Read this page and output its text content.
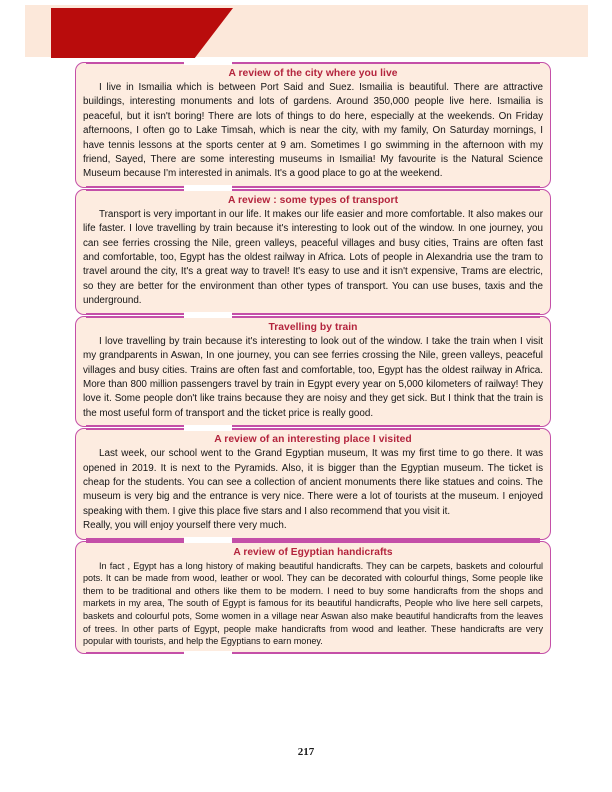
A review of the city where you live

I live in Ismailia which is between Port Said and Suez. Ismailia is beautiful. There are attractive buildings, interesting monuments and lots of gardens. Around 350,000 people live here. Ismailia is peaceful, but it isn't boring! There are lots of things to do here, especially at the weekends. On Friday afternoons, I often go to Lake Timsah, which is near the city, with my family, On Saturday mornings, I have tennis lessons at the sports center at 9 am. Sometimes I go swimming in the afternoon with my friend, Sayed, There are some interesting museums in Ismailia! My favourite is the Natural Science Museum because I'm interested in animals. It's a good place to go at the weekend.

A review : some types of transport

Transport is very important in our life. It makes our life easier and more comfortable. It also makes our life faster. I love travelling by train because it's interesting to look out of the window. In one journey, you can see ferries crossing the Nile, green valleys, peaceful villages and busy cities, Trains are often fast and comfortable, too, Egypt has the oldest railway in Africa. Lots of people in Alexandria use the tram to travel around the city, It's a great way to travel! It's easy to use and it isn't expensive, Trams are electric, so they are better for the environment than other types of transport. You can use buses, taxis and the underground.

Travelling by train

I love travelling by train because it's interesting to look out of the window. I take the train when I visit my grandparents in Aswan, In one journey, you can see ferries crossing the Nile, green valleys, peaceful villages and busy cities. Trains are often fast and comfortable, too, Egypt has the oldest railway in Africa. More than 800 million passengers travel by train in Egypt every year on 5,000 kilometers of railway! They love it. Some people don't like trains because they are noisy and they get sick. But I think that the train is the most useful form of transport and the ticket price is really good.

A review of an interesting place I visited

Last week, our school went to the Grand Egyptian museum, It was my first time to go there. It was opened in 2019. It is next to the Pyramids. Also, it is bigger than the Egyptian museum. The ticket is cheap for the students. You can see a collection of ancient monuments there like statues and coins. The museum is very big and the entrance is very nice. There were a lot of tourists at the museum. I enjoyed speaking with them. I give this place five stars and I also recommend that you visit it.

Really, you will enjoy yourself there very much.

A review of Egyptian handicrafts

In fact , Egypt has a long history of making beautiful handicrafts. They can be carpets, baskets and colourful pots. It can be made from wood, leather or wool. They can be decorated with colourful things, Some people like them to be traditional and others like them to be modern. I need to buy some handicrafts from the shops and markets in my area, The south of Egypt is famous for its beautiful handicrafts, People who live here sell carpets, baskets and colourful pots, Some women in a village near Aswan also make beautiful handicrafts from the leaves of trees. In other parts of Egypt, people make handicrafts from wood and leather. These handicrafts are very popular with tourists, and help the Egyptians to earn money.

217
